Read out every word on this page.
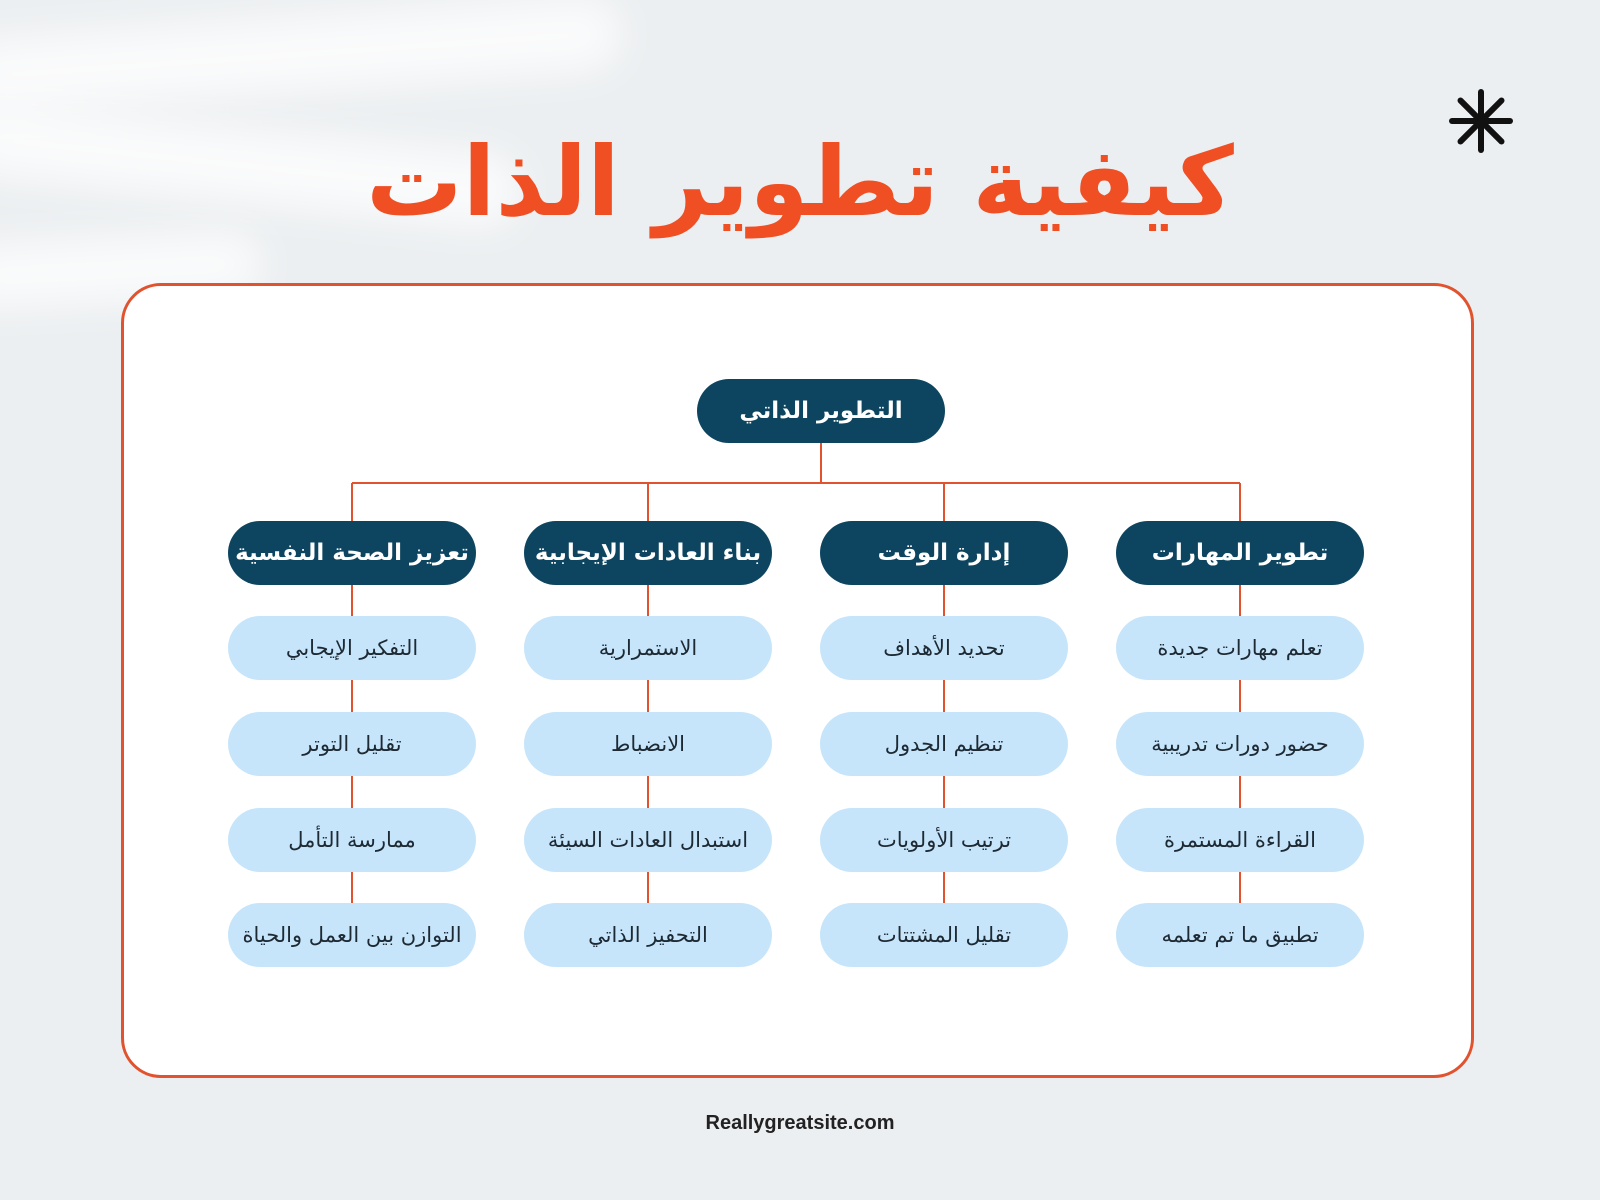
كيفية تطوير الذات
التطوير الذاتي
تطوير المهارات
تعلم مهارات جديدة
حضور دورات تدريبية
القراءة المستمرة
تطبيق ما تم تعلمه
إدارة الوقت
تحديد الأهداف
تنظيم الجدول
ترتيب الأولويات
تقليل المشتتات
بناء العادات الإيجابية
الاستمرارية
الانضباط
استبدال العادات السيئة
التحفيز الذاتي
تعزيز الصحة النفسية
التفكير الإيجابي
تقليل التوتر
ممارسة التأمل
التوازن بين العمل والحياة
Reallygreatsite.com
